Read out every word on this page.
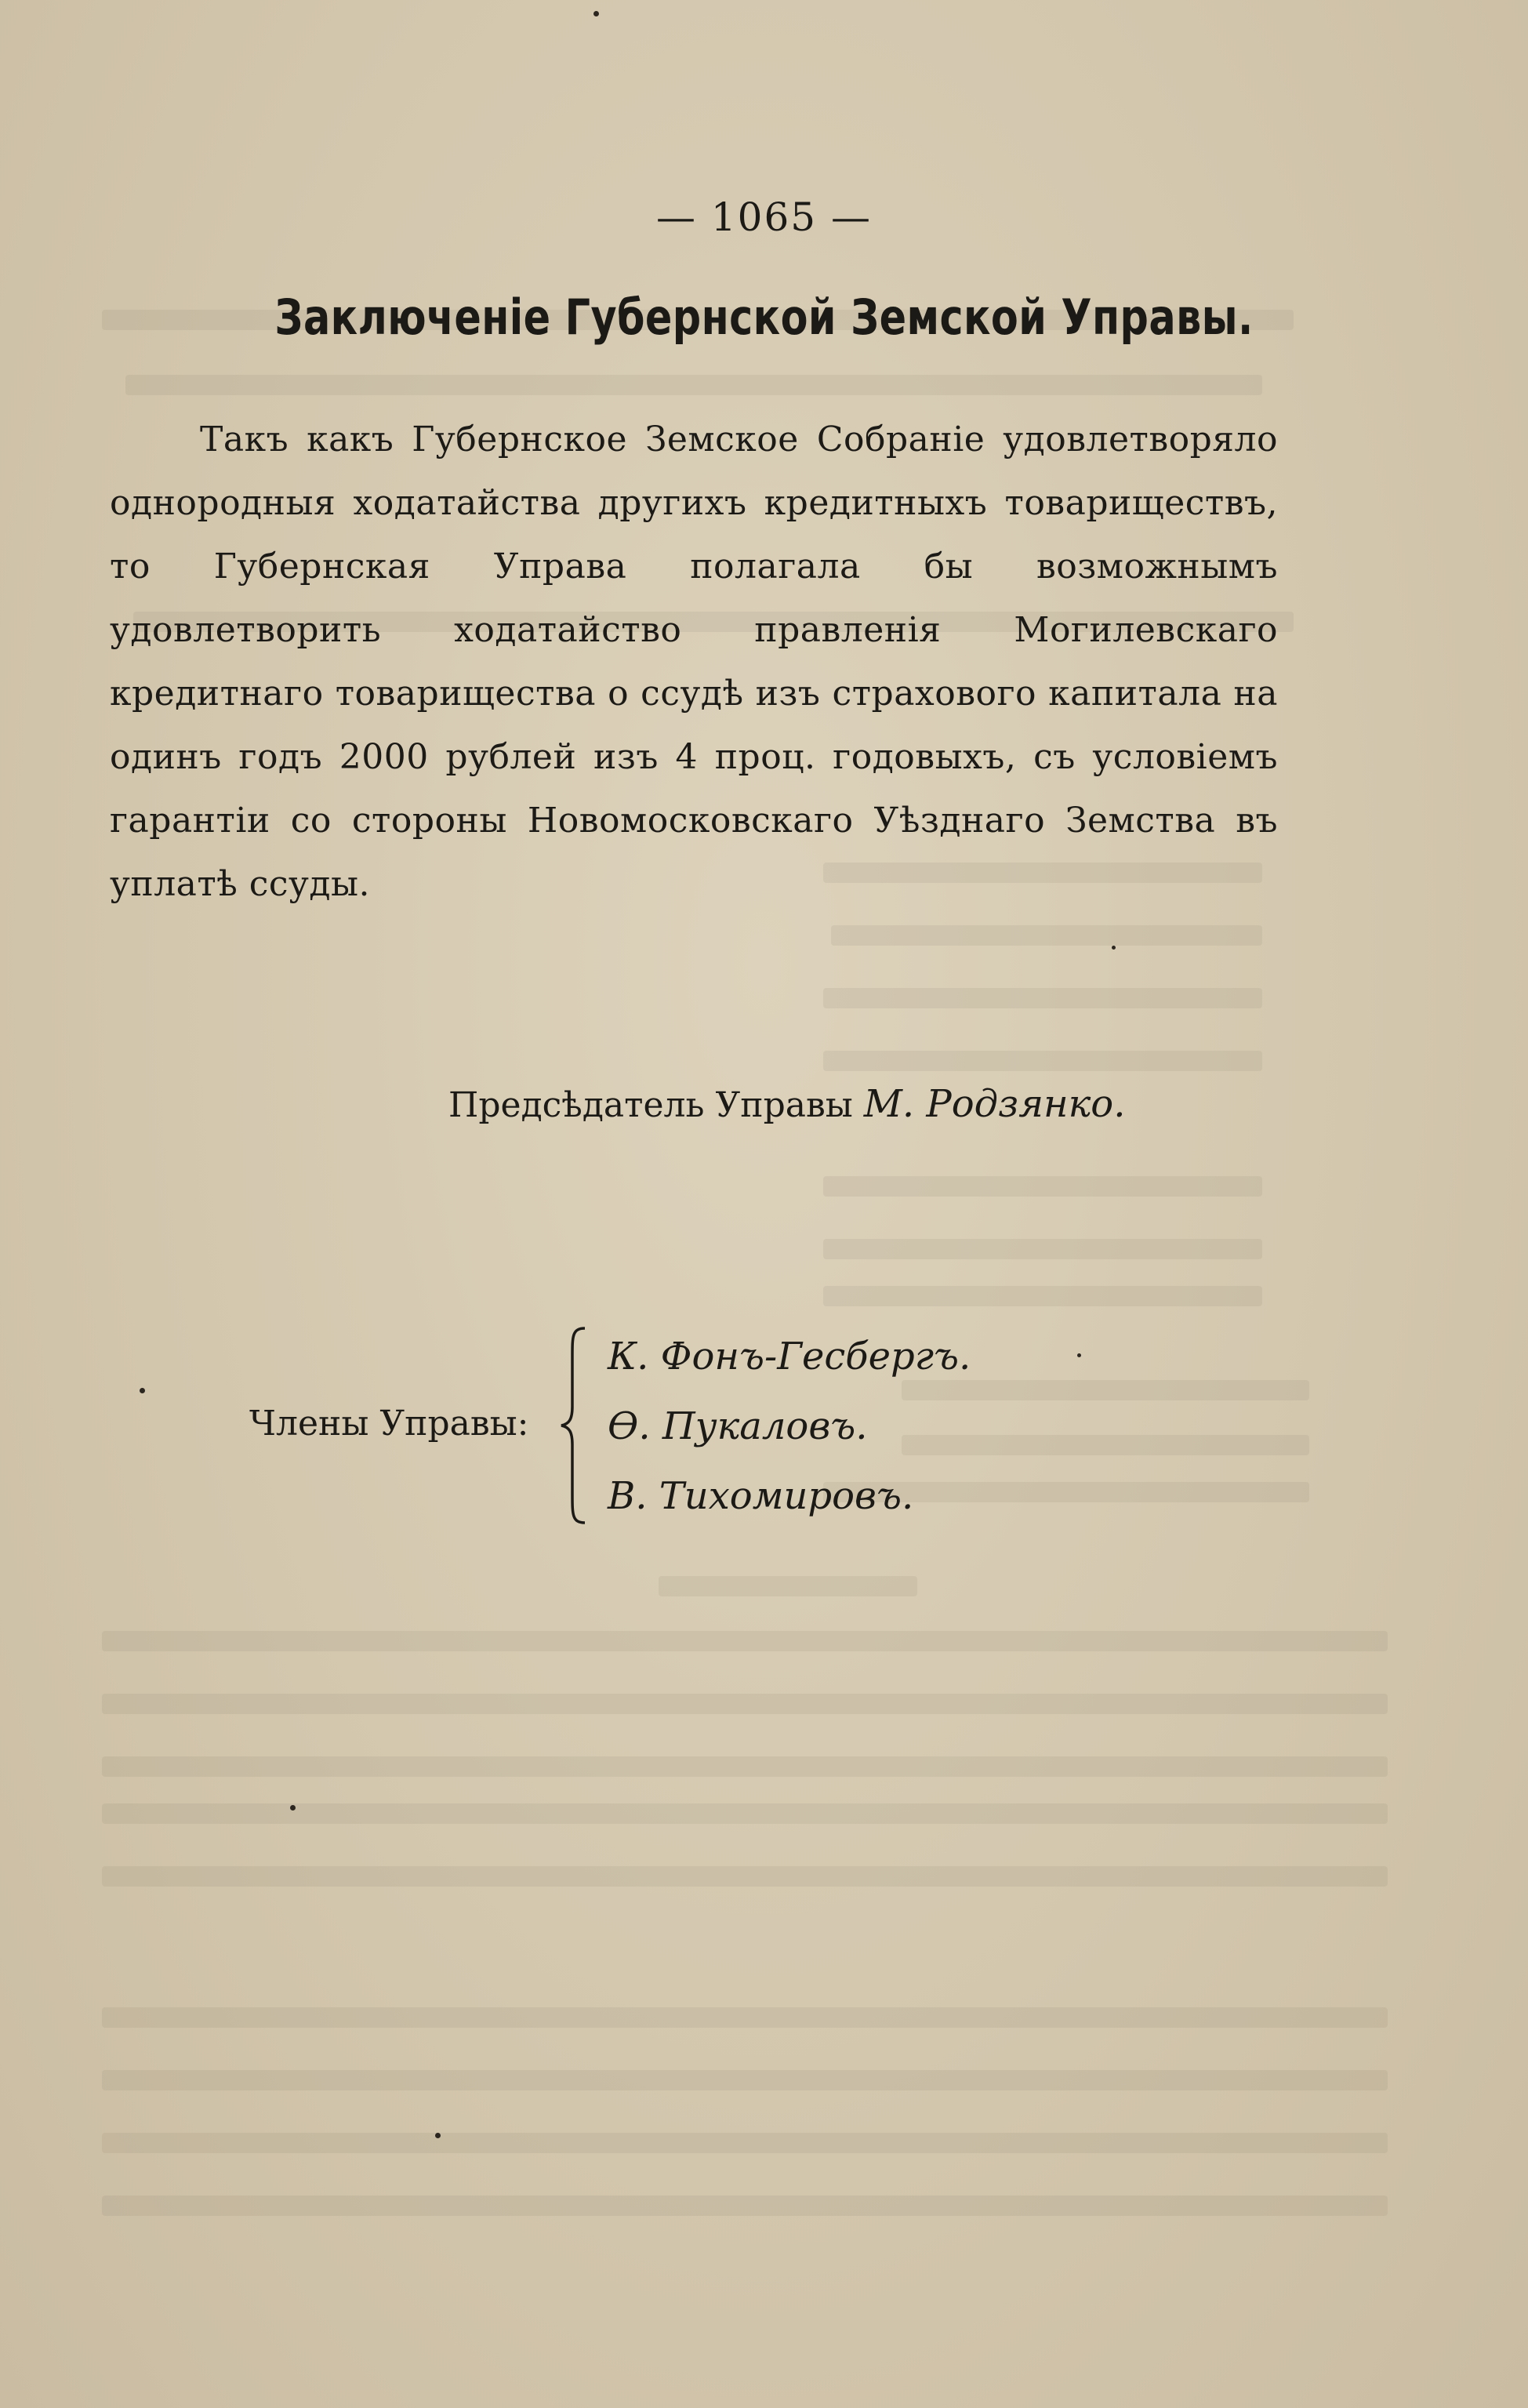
— 1065 —
Заключеніе Губернской Земской Управы.
Такъ какъ Губернское Земское Собраніе удовлетворяло однородныя ходатайства другихъ кредитныхъ товариществъ, то Губернская Управа полагала бы возможнымъ удовлетворить ходатайство правленія Могилевскаго кредитнаго товарищества о ссудѣ изъ страхового капитала на одинъ годъ 2000 рублей изъ 4 проц. годовыхъ, съ условіемъ гарантіи со стороны Новомосковскаго Уѣзднаго Земства въ уплатѣ ссуды.
Предсѣдатель Управы М. Родзянко.
Члены Управы:
К. Фонъ-Гесбергъ.
Ѳ. Пукаловъ.
В. Тихомировъ.
